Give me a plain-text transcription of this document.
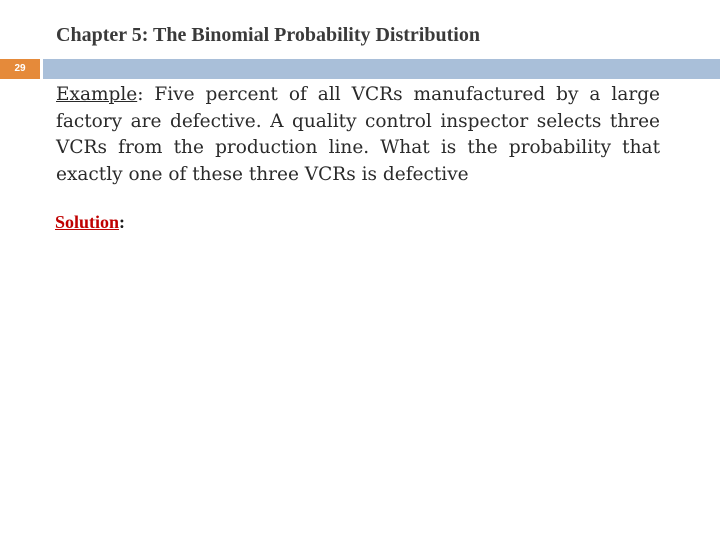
Chapter 5: The Binomial Probability Distribution
29
Example: Five percent of all VCRs manufactured by a large factory are defective. A quality control inspector selects three VCRs from the production line. What is the probability that exactly one of these three VCRs is defective
Solution:
